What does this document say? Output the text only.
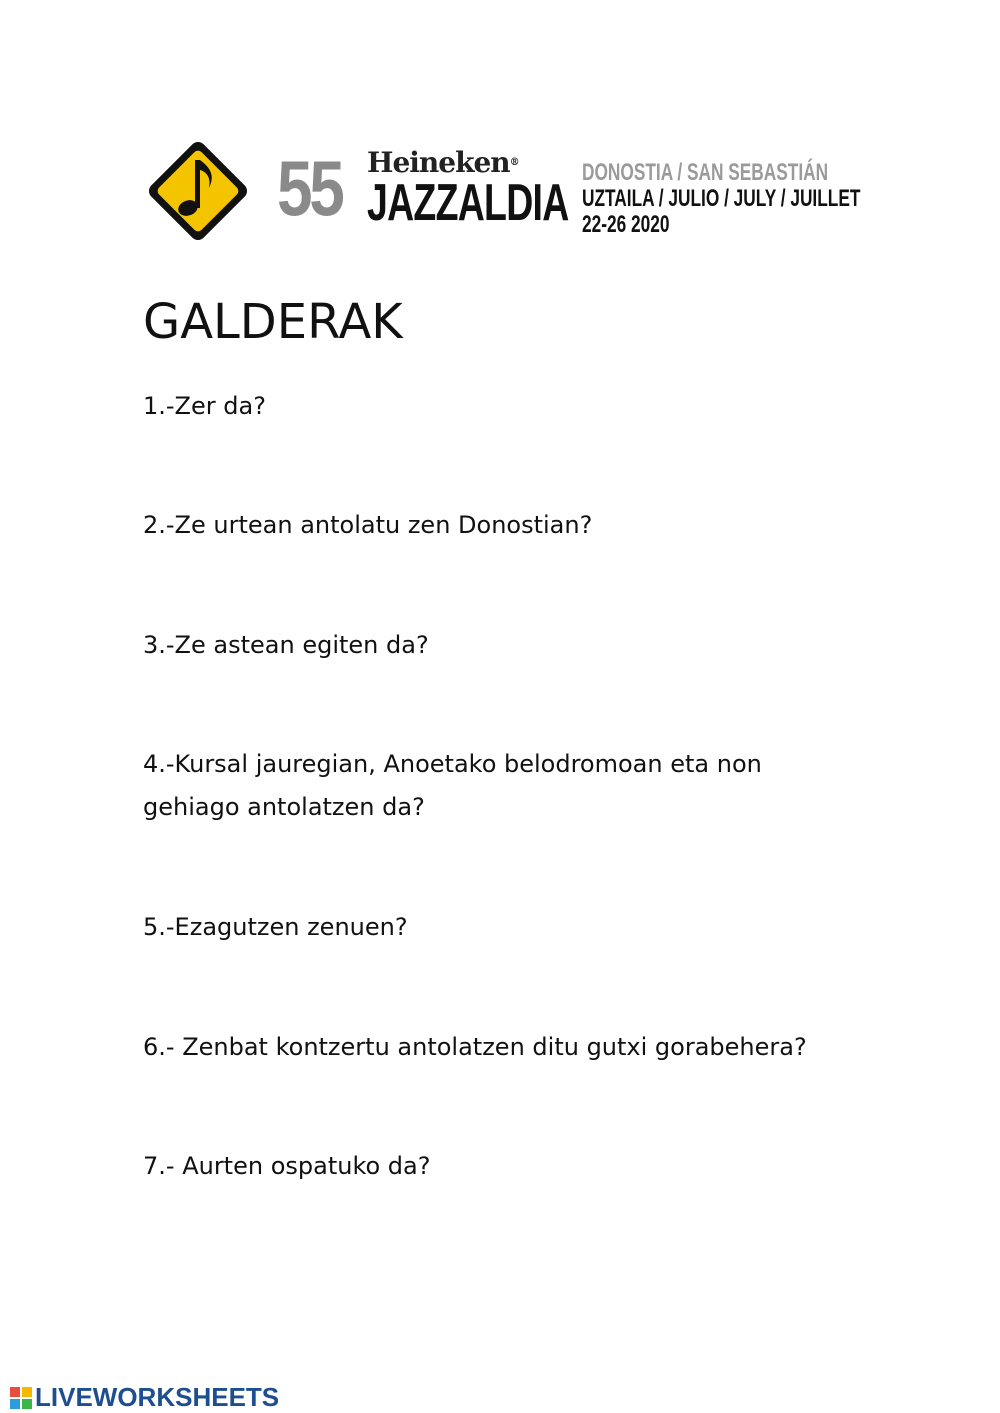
55 Heineken®
JAZZALDIA
DONOSTIA / SAN SEBASTIÁN
UZTAILA / JULIO / JULY / JUILLET
22-26 2020
GALDERAK
1.-Zer da?
2.-Ze urtean antolatu zen Donostian?
3.-Ze astean egiten da?
4.-Kursal jauregian, Anoetako belodromoan eta non gehiago antolatzen da?
5.-Ezagutzen zenuen?
6.- Zenbat kontzertu antolatzen ditu gutxi gorabehera?
7.- Aurten ospatuko da?
LIVEWORKSHEETS
